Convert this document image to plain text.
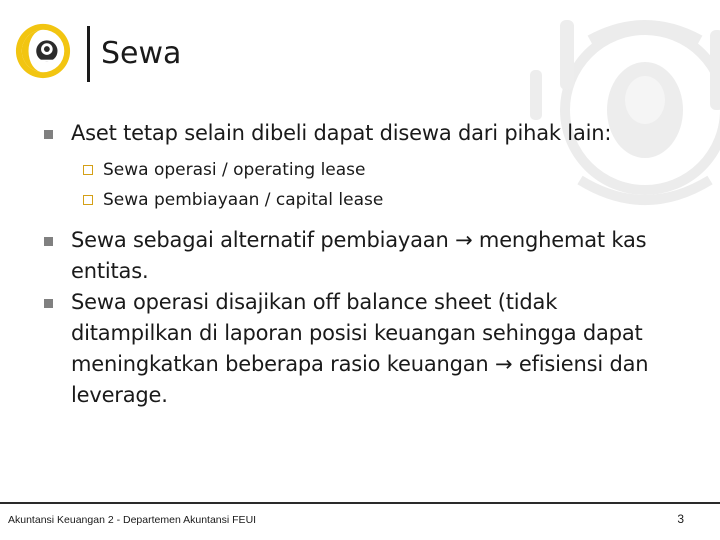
Sewa
Aset tetap selain dibeli dapat disewa dari pihak lain:
Sewa operasi / operating lease
Sewa pembiayaan / capital lease
Sewa sebagai alternatif pembiayaan → menghemat kas entitas.
Sewa operasi disajikan off balance sheet (tidak ditampilkan di laporan posisi keuangan sehingga dapat meningkatkan beberapa rasio keuangan → efisiensi dan leverage.
Akuntansi Keuangan 2 - Departemen Akuntansi FEUI	3
